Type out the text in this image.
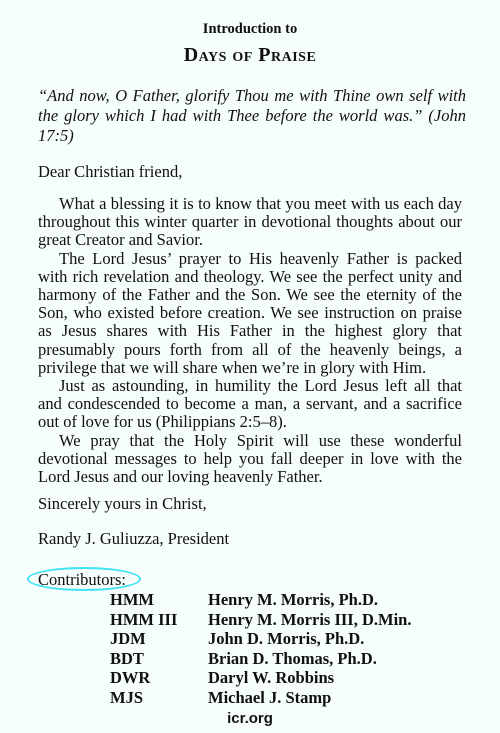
Introduction to
Days of Praise
“And now, O Father, glorify Thou me with Thine own self with the glory which I had with Thee before the world was.” (John 17:5)
Dear Christian friend,

What a blessing it is to know that you meet with us each day throughout this winter quarter in devotional thoughts about our great Creator and Savior.

The Lord Jesus’ prayer to His heavenly Father is packed with rich revelation and theology. We see the perfect unity and harmony of the Father and the Son. We see the eternity of the Son, who existed before creation. We see instruction on praise as Jesus shares with His Father in the highest glory that presumably pours forth from all of the heavenly beings, a privilege that we will share when we’re in glory with Him.

Just as astounding, in humility the Lord Jesus left all that and condescended to become a man, a servant, and a sacrifice out of love for us (Philippians 2:5–8).

We pray that the Holy Spirit will use these wonderful devotional messages to help you fall deeper in love with the Lord Jesus and our loving heavenly Father.

Sincerely yours in Christ,
Randy J. Guliuzza, President
Contributors:
HMM	Henry M. Morris, Ph.D.
HMM III	Henry M. Morris III, D.Min.
JDM	John D. Morris, Ph.D.
BDT	Brian D. Thomas, Ph.D.
DWR	Daryl W. Robbins
MJS	Michael J. Stamp
icr.org
